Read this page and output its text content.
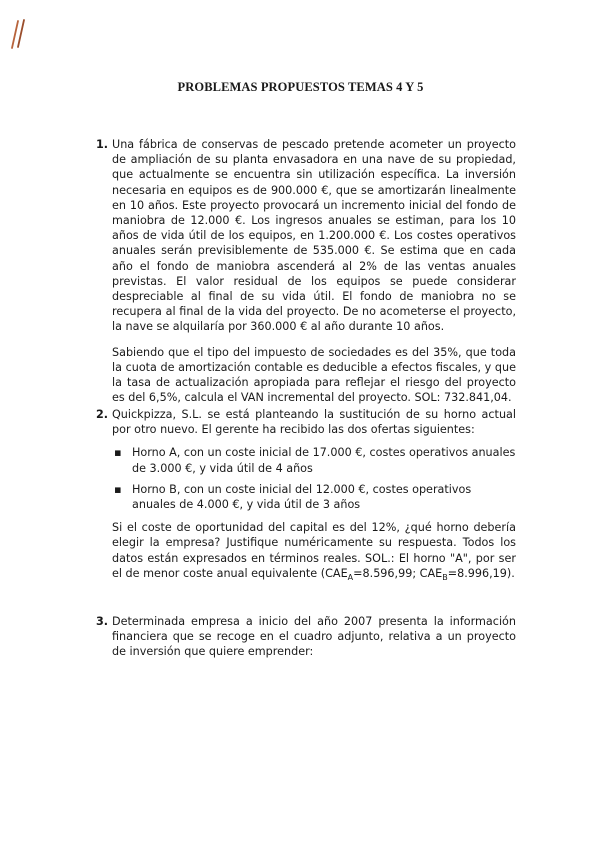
PROBLEMAS PROPUESTOS TEMAS 4 Y 5
1. Una fábrica de conservas de pescado pretende acometer un proyecto de ampliación de su planta envasadora en una nave de su propiedad, que actualmente se encuentra sin utilización específica. La inversión necesaria en equipos es de 900.000 €, que se amortizarán linealmente en 10 años. Este proyecto provocará un incremento inicial del fondo de maniobra de 12.000 €. Los ingresos anuales se estiman, para los 10 años de vida útil de los equipos, en 1.200.000 €. Los costes operativos anuales serán previsiblemente de 535.000 €. Se estima que en cada año el fondo de maniobra ascenderá al 2% de las ventas anuales previstas. El valor residual de los equipos se puede considerar despreciable al final de su vida útil. El fondo de maniobra no se recupera al final de la vida del proyecto. De no acometerse el proyecto, la nave se alquilaría por 360.000 € al año durante 10 años.

Sabiendo que el tipo del impuesto de sociedades es del 35%, que toda la cuota de amortización contable es deducible a efectos fiscales, y que la tasa de actualización apropiada para reflejar el riesgo del proyecto es del 6,5%, calcula el VAN incremental del proyecto. SOL: 732.841,04.

2. Quickpizza, S.L. se está planteando la sustitución de su horno actual por otro nuevo. El gerente ha recibido las dos ofertas siguientes:

▪ Horno A, con un coste inicial de 17.000 €, costes operativos anuales de 3.000 €, y vida útil de 4 años
▪ Horno B, con un coste inicial del 12.000 €, costes operativos anuales de 4.000 €, y vida útil de 3 años

Si el coste de oportunidad del capital es del 12%, ¿qué horno debería elegir la empresa? Justifique numéricamente su respuesta. Todos los datos están expresados en términos reales. SOL.: El horno "A", por ser el de menor coste anual equivalente ($CAE_A=8.596,99$; $CAE_B=8.996,19$).

3. Determinada empresa a inicio del año 2007 presenta la información financiera que se recoge en el cuadro adjunto, relativa a un proyecto de inversión que quiere emprender:
